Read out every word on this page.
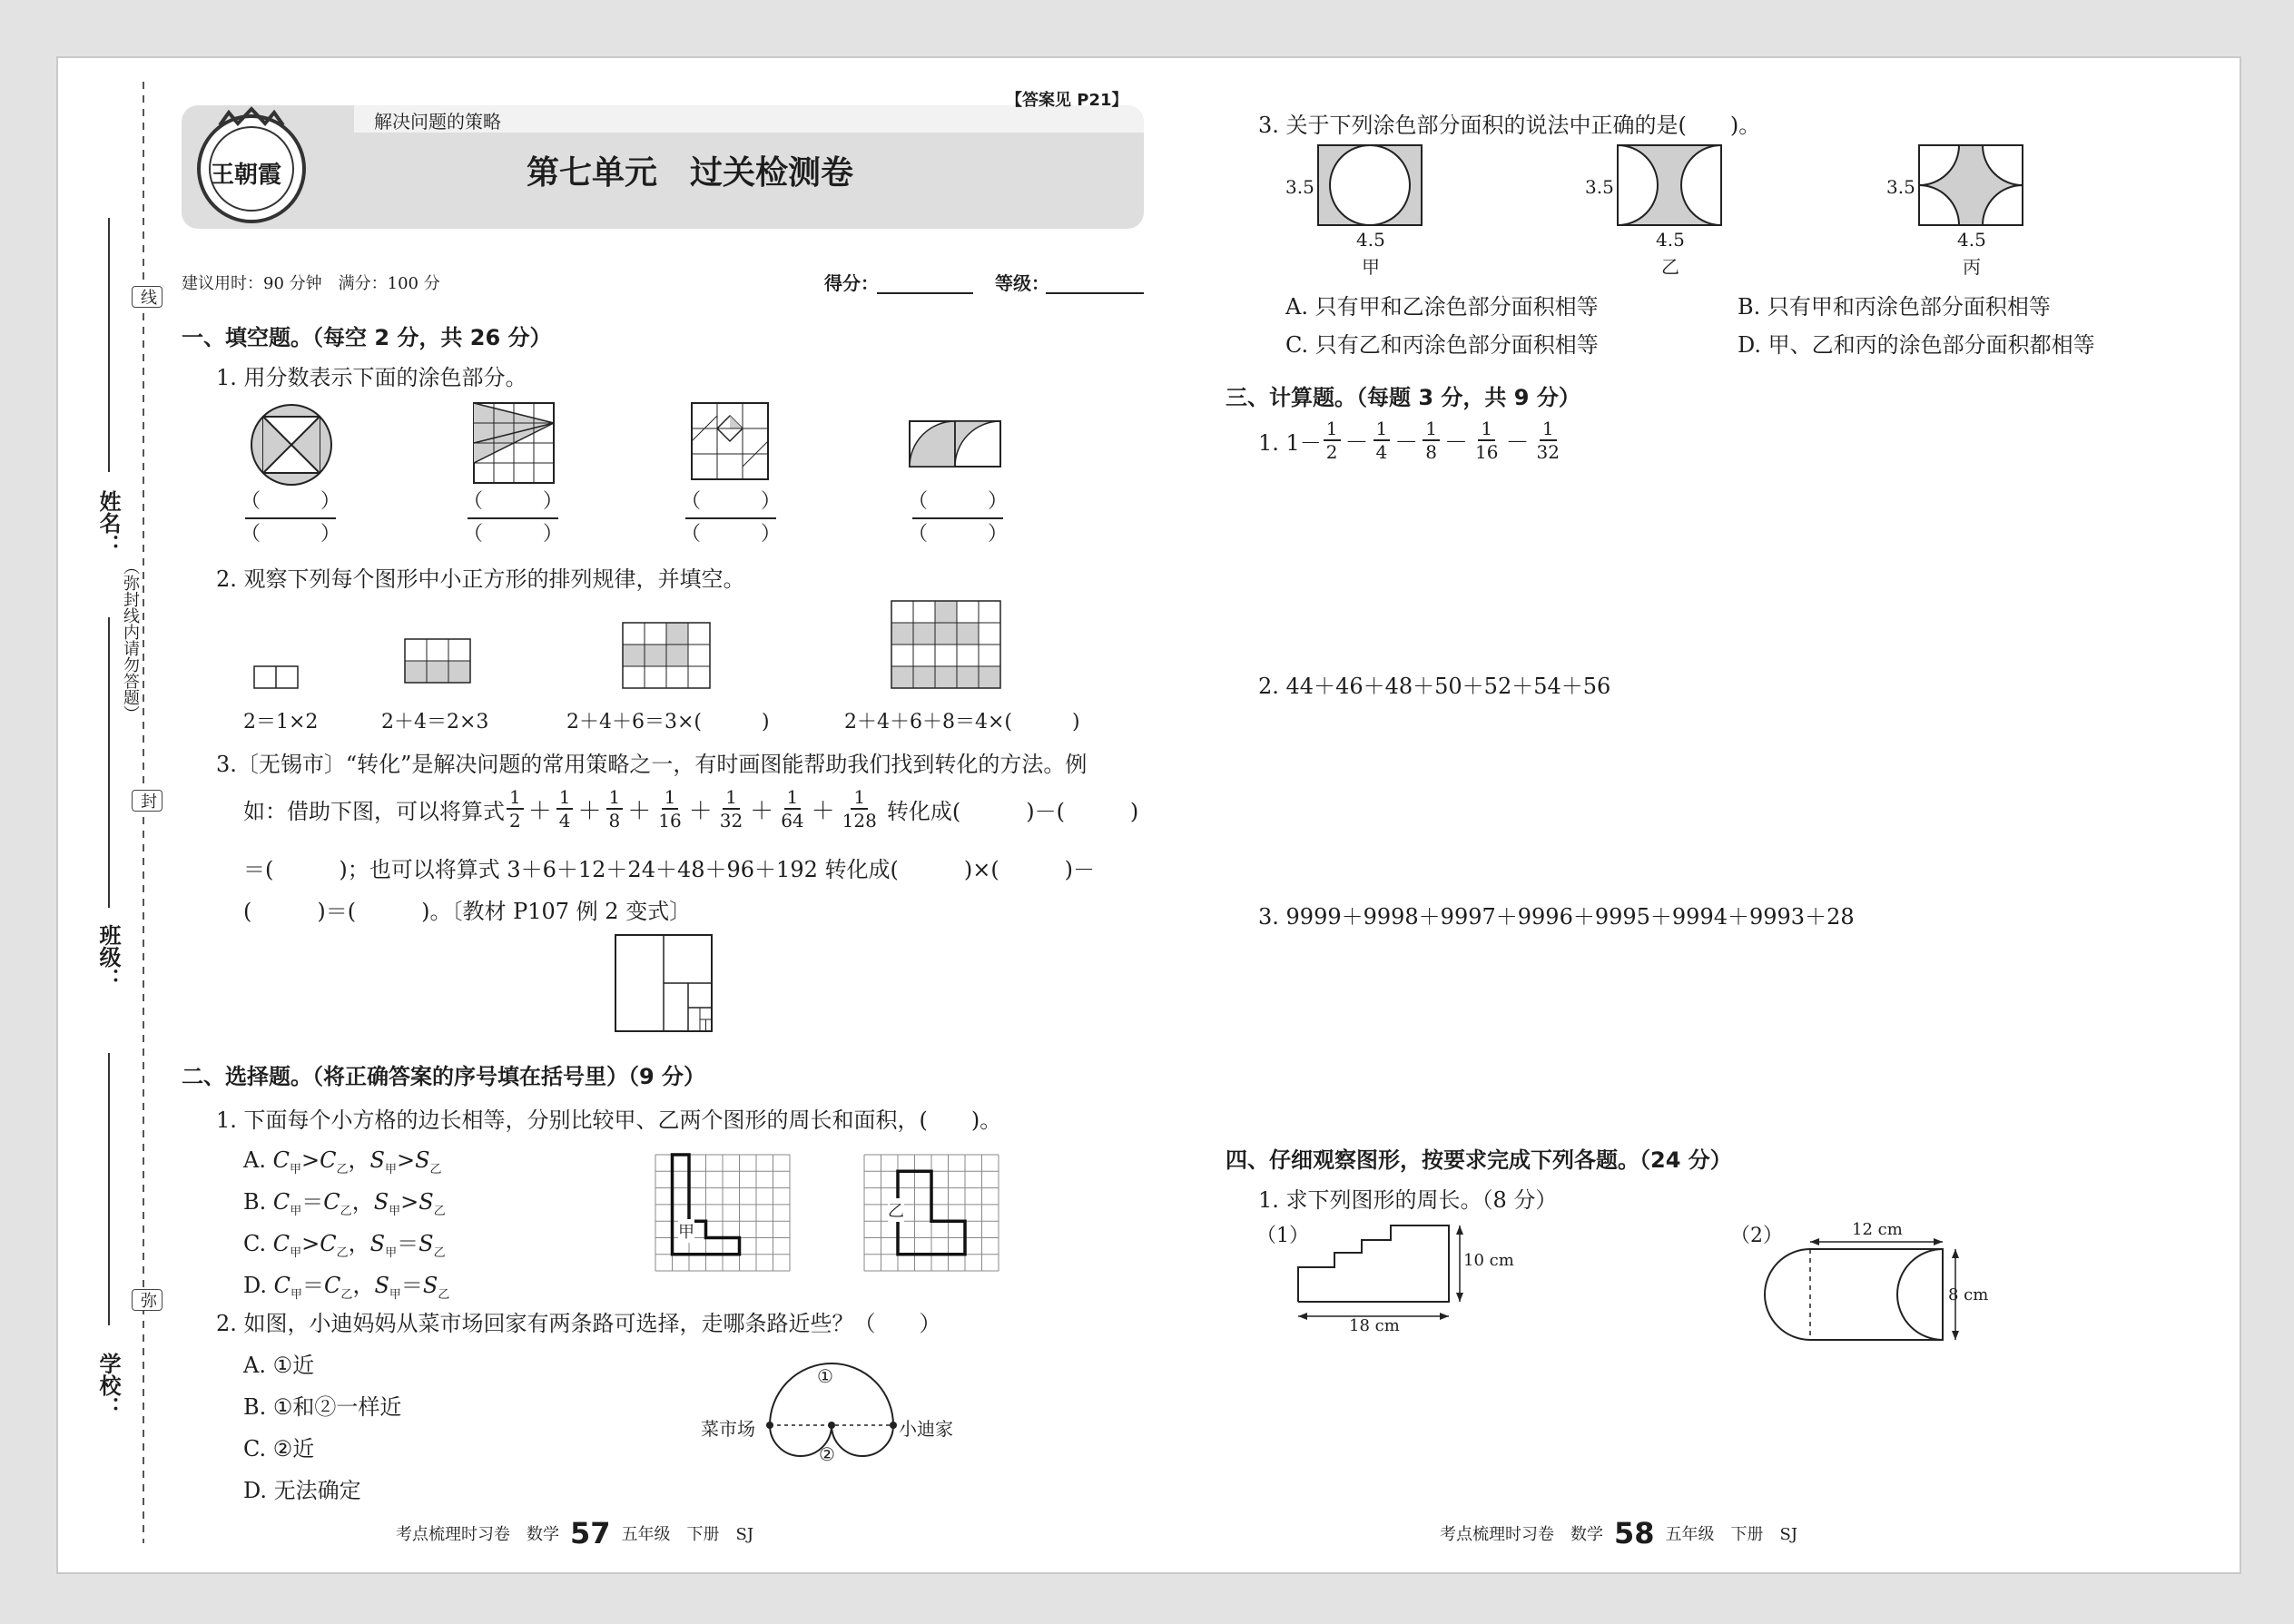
姓名：
班级：
学校：
线
封
弥
（弥封线内请勿答题）
王朝霞
解决问题的策略
【答案见 P21】
第七单元　过关检测卷
建议用时：90 分钟　满分：100 分	得分：	等级：
一、填空题。（每空 2 分，共 26 分）
1. 用分数表示下面的涂色部分。
（　　　）
（　　　）
（　　　）
（　　　）
（　　　）
（　　　）
（　　　）
（　　　）
2. 观察下列每个图形中小正方形的排列规律，并填空。
2＝1×2	2＋4＝2×3	2＋4＋6＝3×(　　　)	2＋4＋6＋8＝4×(　　　)
3.〔无锡市〕“转化”是解决问题的常用策略之一，有时画图能帮助我们找到转化的方法。例
如：借助下图，可以将算式 $\frac{1}{2} + \frac{1}{4} + \frac{1}{8} + \frac{1}{16} + \frac{1}{32} + \frac{1}{64} + \frac{1}{128}$ 转化成(　　　)－(　　　)
＝(　　　)；也可以将算式 3＋6＋12＋24＋48＋96＋192 转化成(　　　)×(　　　)－
(　　　)＝(　　　)。〔教材 P107 例 2 变式〕
二、选择题。（将正确答案的序号填在括号里）（9 分）
1. 下面每个小方格的边长相等，分别比较甲、乙两个图形的周长和面积，(　　)。
A. $C_甲>C_乙$，$S_甲>S_乙$
B. $C_甲=C_乙$，$S_甲>S_乙$
C. $C_甲>C_乙$，$S_甲=S_乙$
D. $C_甲=C_乙$，$S_甲=S_乙$
甲
乙
2. 如图，小迪妈妈从菜市场回家有两条路可选择，走哪条路近些？（　　）
A. ①近
B. ①和②一样近
C. ②近
D. 无法确定
①
②
菜市场	小迪家
3. 关于下列涂色部分面积的说法中正确的是(　　)。
3.5	3.5	3.5
4.5	4.5	4.5
甲	乙	丙
A. 只有甲和乙涂色部分面积相等	B. 只有甲和丙涂色部分面积相等
C. 只有乙和丙涂色部分面积相等	D. 甲、乙和丙的涂色部分面积都相等
三、计算题。（每题 3 分，共 9 分）
1. $1- \frac{1}{2} - \frac{1}{4} - \frac{1}{8} - \frac{1}{16} - \frac{1}{32}$
2. 44＋46＋48＋50＋52＋54＋56
3. 9999＋9998＋9997＋9996＋9995＋9994＋9993＋28
四、仔细观察图形，按要求完成下列各题。（24 分）
1. 求下列图形的周长。（8 分）
（1）	（2）
10 cm
18 cm
12 cm
8 cm
考点梳理时习卷　数学 57 五年级　下册　SJ	考点梳理时习卷　数学 58 五年级　下册　SJ
